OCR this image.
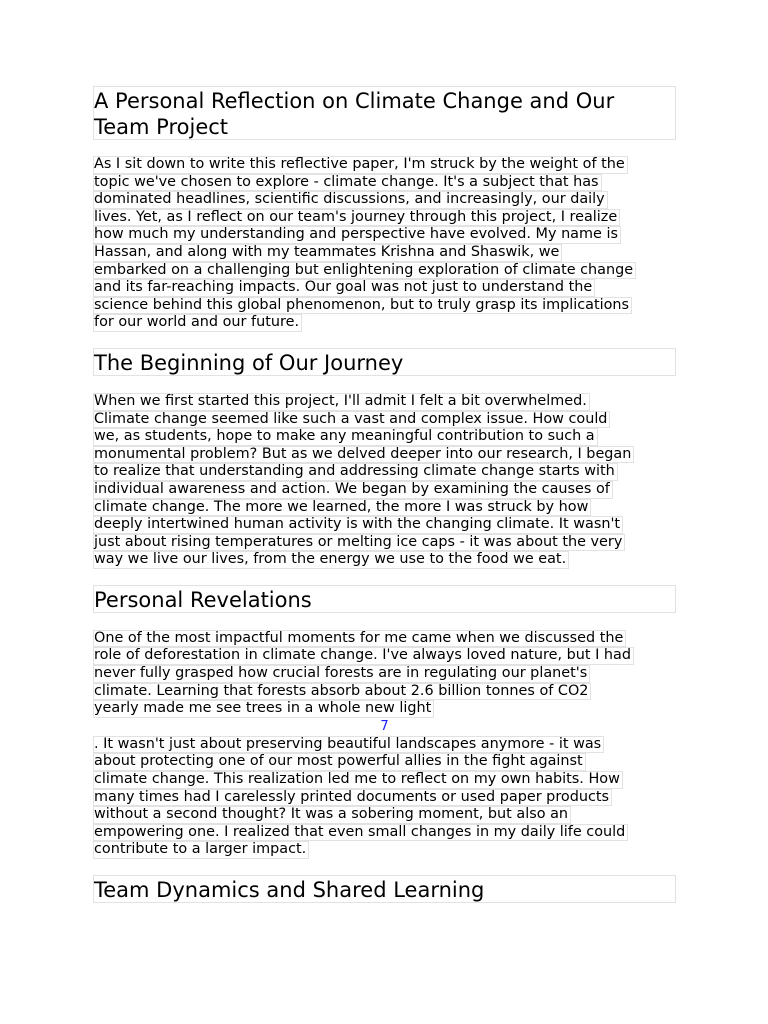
A Personal Reflection on Climate Change and Our
Team Project
As I sit down to write this reflective paper, I'm struck by the weight of the
topic we've chosen to explore - climate change. It's a subject that has
dominated headlines, scientific discussions, and increasingly, our daily
lives. Yet, as I reflect on our team's journey through this project, I realize
how much my understanding and perspective have evolved. My name is
Hassan, and along with my teammates Krishna and Shaswik, we
embarked on a challenging but enlightening exploration of climate change
and its far-reaching impacts. Our goal was not just to understand the
science behind this global phenomenon, but to truly grasp its implications
for our world and our future.
The Beginning of Our Journey
When we first started this project, I'll admit I felt a bit overwhelmed.
Climate change seemed like such a vast and complex issue. How could
we, as students, hope to make any meaningful contribution to such a
monumental problem? But as we delved deeper into our research, I began
to realize that understanding and addressing climate change starts with
individual awareness and action. We began by examining the causes of
climate change. The more we learned, the more I was struck by how
deeply intertwined human activity is with the changing climate. It wasn't
just about rising temperatures or melting ice caps - it was about the very
way we live our lives, from the energy we use to the food we eat.
Personal Revelations
One of the most impactful moments for me came when we discussed the
role of deforestation in climate change. I've always loved nature, but I had
never fully grasped how crucial forests are in regulating our planet's
climate. Learning that forests absorb about 2.6 billion tonnes of CO2
yearly made me see trees in a whole new light
7
. It wasn't just about preserving beautiful landscapes anymore - it was
about protecting one of our most powerful allies in the fight against
climate change. This realization led me to reflect on my own habits. How
many times had I carelessly printed documents or used paper products
without a second thought? It was a sobering moment, but also an
empowering one. I realized that even small changes in my daily life could
contribute to a larger impact.
Team Dynamics and Shared Learning
